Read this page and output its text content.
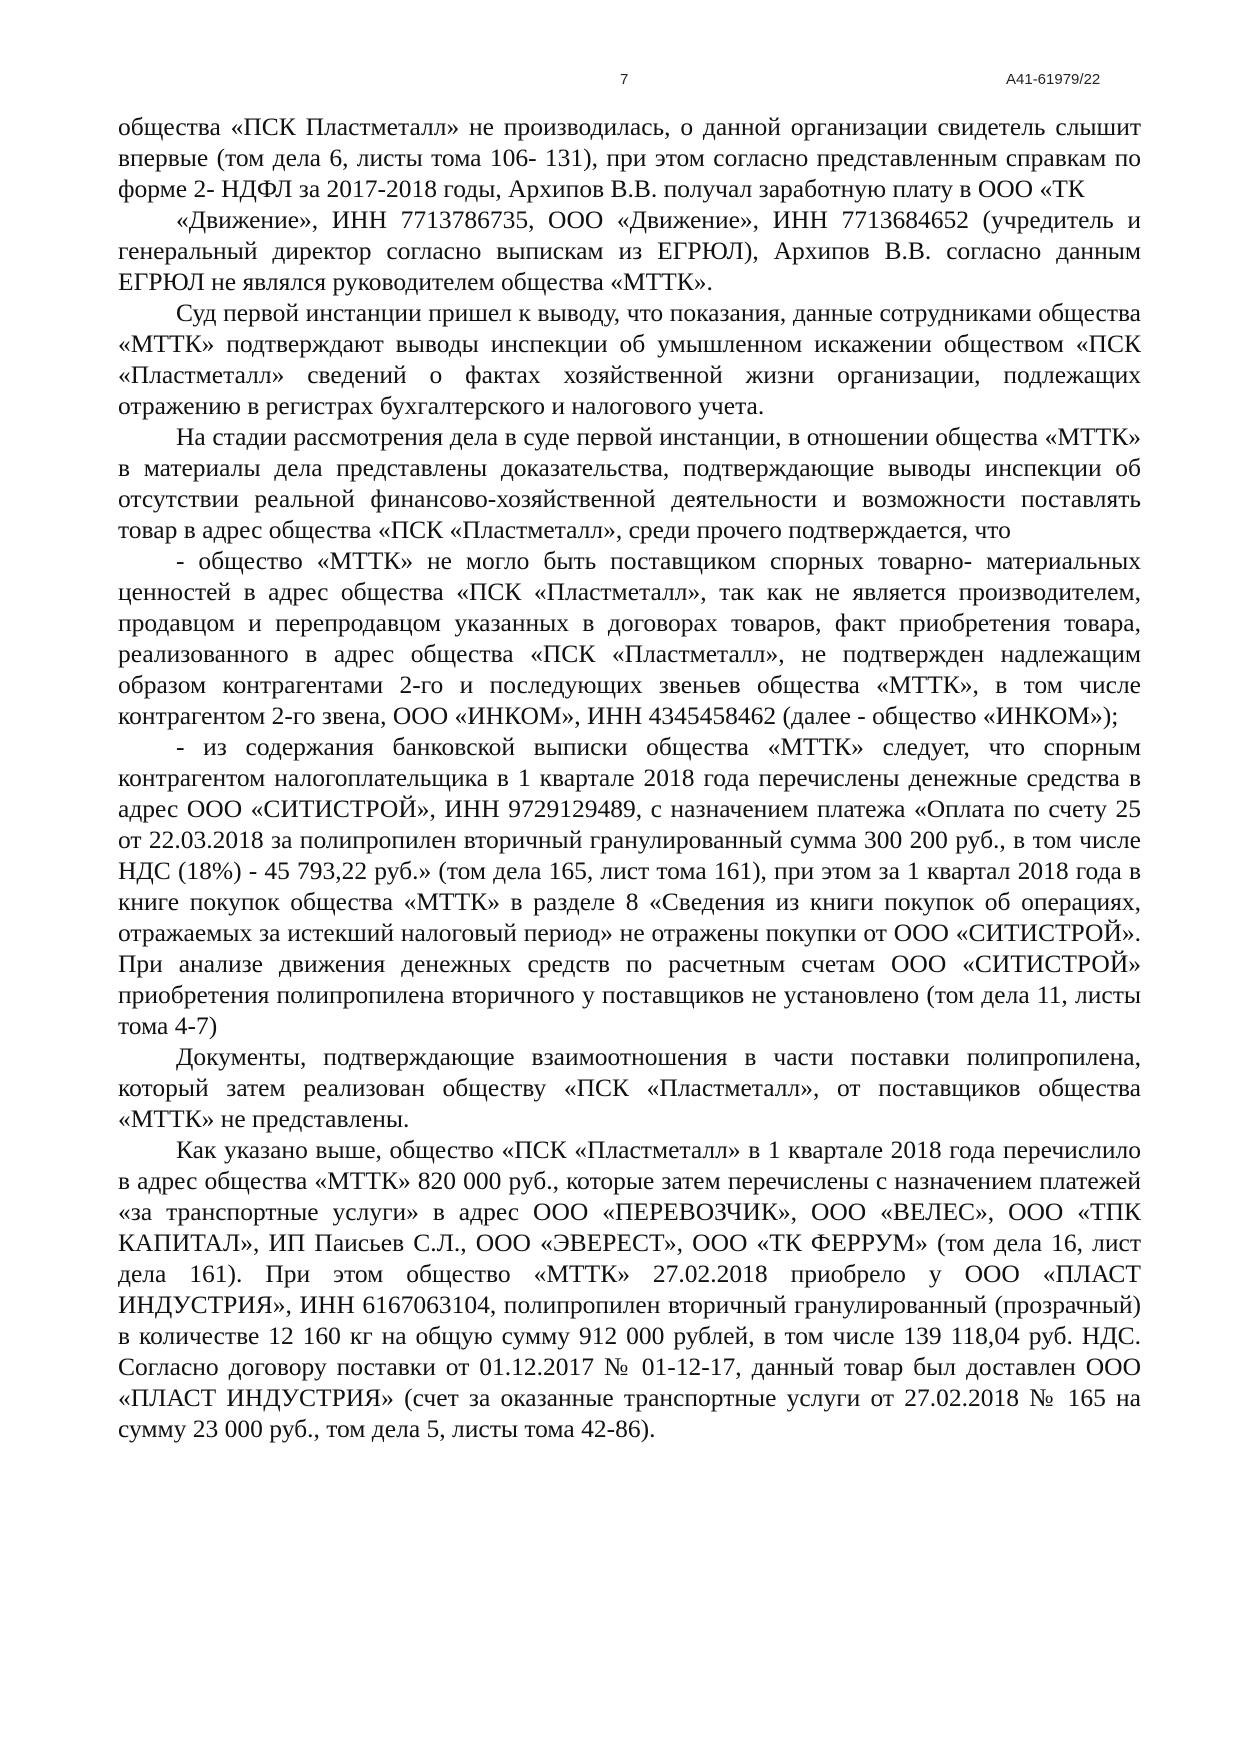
7	А41-61979/22

общества «ПСК Пластметалл» не производилась, о данной организации свидетель слышит впервые (том дела 6, листы тома 106- 131), при этом согласно представленным справкам по форме 2- НДФЛ за 2017-2018 годы, Архипов В.В. получал заработную плату в ООО «ТК

«Движение», ИНН 7713786735, ООО «Движение», ИНН 7713684652 (учредитель и генеральный директор согласно выпискам из ЕГРЮЛ), Архипов В.В. согласно данным ЕГРЮЛ не являлся руководителем общества «МТТК».

Суд первой инстанции пришел к выводу, что показания, данные сотрудниками общества «МТТК» подтверждают выводы инспекции об умышленном искажении обществом «ПСК «Пластметалл» сведений о фактах хозяйственной жизни организации, подлежащих отражению в регистрах бухгалтерского и налогового учета.

На стадии рассмотрения дела в суде первой инстанции, в отношении общества «МТТК» в материалы дела представлены доказательства, подтверждающие выводы инспекции об отсутствии реальной финансово-хозяйственной деятельности и возможности поставлять товар в адрес общества «ПСК «Пластметалл», среди прочего подтверждается, что

- общество «МТТК» не могло быть поставщиком спорных товарно- материальных ценностей в адрес общества «ПСК «Пластметалл», так как не является производителем, продавцом и перепродавцом указанных в договорах товаров, факт приобретения товара, реализованного в адрес общества «ПСК «Пластметалл», не подтвержден надлежащим образом контрагентами 2-го и последующих звеньев общества «МТТК», в том числе контрагентом 2-го звена, ООО «ИНКОМ», ИНН 4345458462 (далее - общество «ИНКОМ»);

- из содержания банковской выписки общества «МТТК» следует, что спорным контрагентом налогоплательщика в 1 квартале 2018 года перечислены денежные средства в адрес ООО «СИТИСТРОЙ», ИНН 9729129489, с назначением платежа «Оплата по счету 25 от 22.03.2018 за полипропилен вторичный гранулированный сумма 300 200 руб., в том числе НДС (18%) - 45 793,22 руб.» (том дела 165, лист тома 161), при этом за 1 квартал 2018 года в книге покупок общества «МТТК» в разделе 8 «Сведения из книги покупок об операциях, отражаемых за истекший налоговый период» не отражены покупки от ООО «СИТИСТРОЙ». При анализе движения денежных средств по расчетным счетам ООО «СИТИСТРОЙ» приобретения полипропилена вторичного у поставщиков не установлено (том дела 11, листы тома 4-7)

Документы, подтверждающие взаимоотношения в части поставки полипропилена, который затем реализован обществу «ПСК «Пластметалл», от поставщиков общества «МТТК» не представлены.

Как указано выше, общество «ПСК «Пластметалл» в 1 квартале 2018 года перечислило в адрес общества «МТТК» 820 000 руб., которые затем перечислены с назначением платежей «за транспортные услуги» в адрес ООО «ПЕРЕВОЗЧИК», ООО «ВЕЛЕС», ООО «ТПК КАПИТАЛ», ИП Паисьев С.Л., ООО «ЭВЕРЕСТ», ООО «ТК ФЕРРУМ» (том дела 16, лист дела 161). При этом общество «МТТК» 27.02.2018 приобрело у ООО «ПЛАСТ ИНДУСТРИЯ», ИНН 6167063104, полипропилен вторичный гранулированный (прозрачный) в количестве 12 160 кг на общую сумму 912 000 рублей, в том числе 139 118,04 руб. НДС. Согласно договору поставки от 01.12.2017 № 01-12-17, данный товар был доставлен ООО «ПЛАСТ ИНДУСТРИЯ» (счет за оказанные транспортные услуги от 27.02.2018 № 165 на сумму 23 000 руб., том дела 5, листы тома 42-86).
